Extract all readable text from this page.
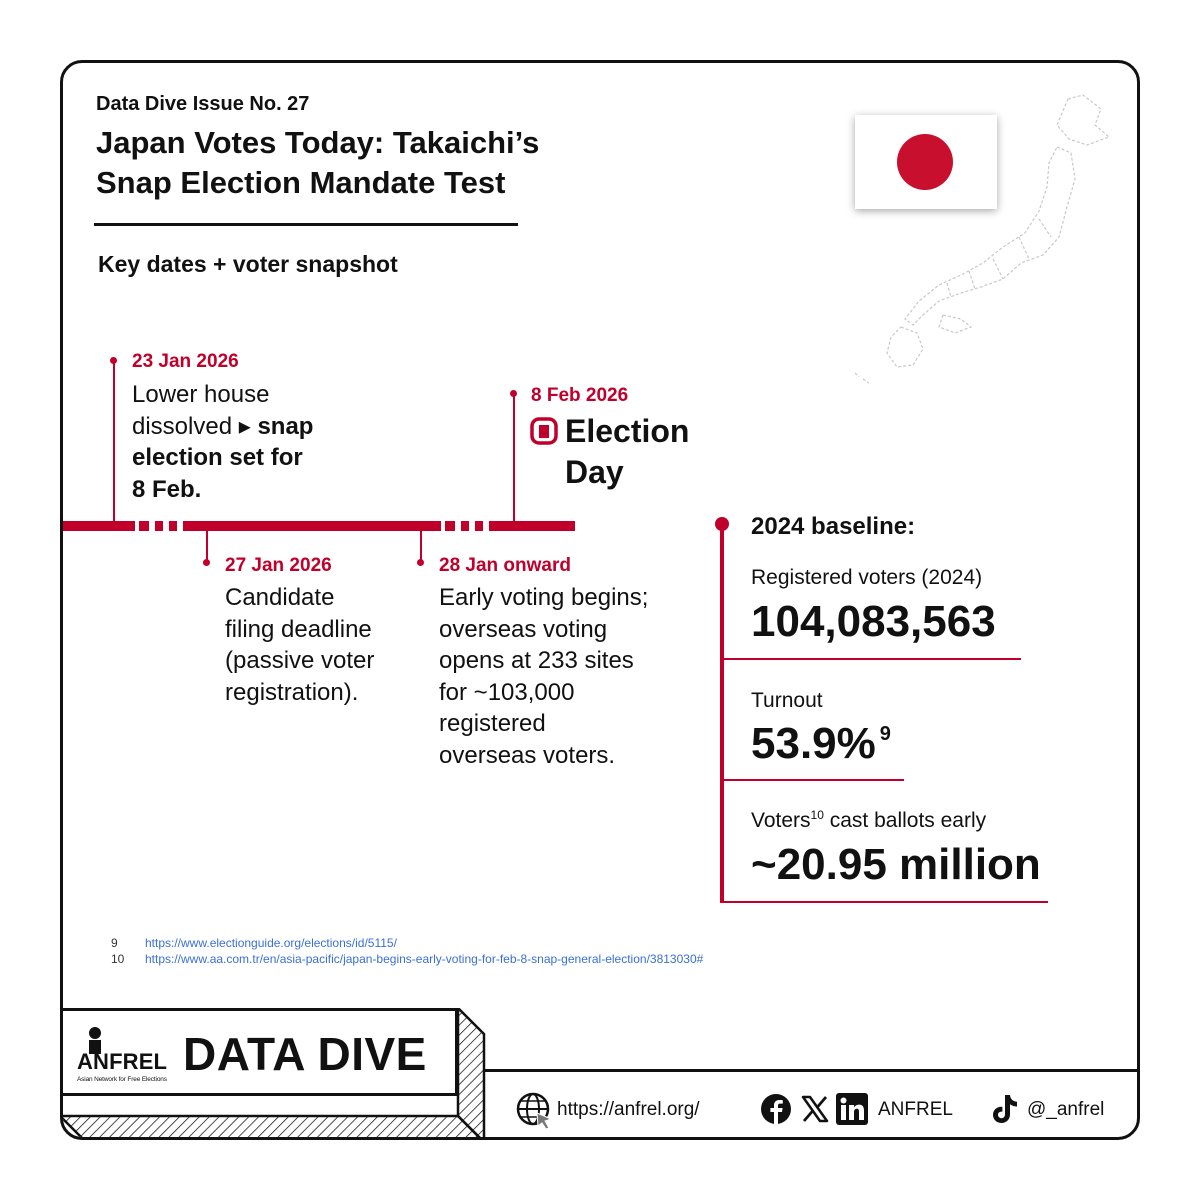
Data Dive Issue No. 27
Japan Votes Today: Takaichi’s
Snap Election Mandate Test
Key dates + voter snapshot
23 Jan 2026
Lower house
dissolved ▸ snap
election set for
8 Feb.
27 Jan 2026
Candidate
filing deadline
(passive voter
registration).
28 Jan onward
Early voting begins;
overseas voting
opens at 233 sites
for ~103,000
registered
overseas voters.
8 Feb 2026
Election
Day
2024 baseline:
Registered voters (2024)
104,083,563
Turnout
53.9% $^9$
Voters$^{10}$ cast ballots early
~20.95 million
9 https://www.electionguide.org/elections/id/5115/
10 https://www.aa.com.tr/en/asia-pacific/japan-begins-early-voting-for-feb-8-snap-general-election/3813030#
ANFREL
Asian Network for Free Elections DATA DIVE
https://anfrel.org/	ANFREL	@_anfrel
